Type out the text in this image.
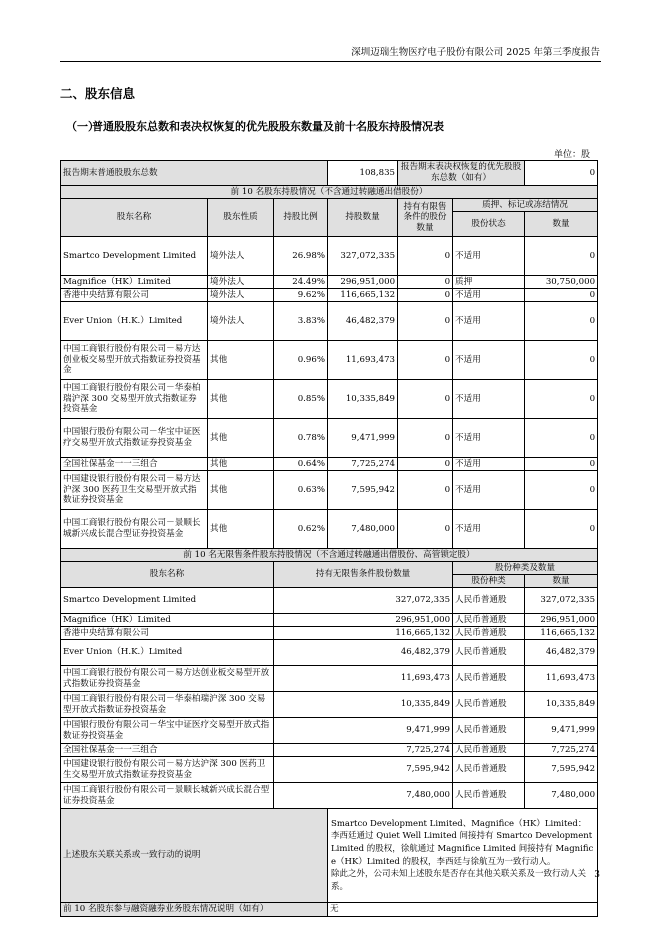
深圳迈瑞生物医疗电子股份有限公司 2025 年第三季度报告
二、股东信息
（一）普通股股东总数和表决权恢复的优先股股东数量及前十名股东持股情况表
单位：股
报告期末普通股股东总数			108,835	报告期末表决权恢复的优先股股东总数（如有）		0
前 10 名股东持股情况（不含通过转融通出借股份）						
股东名称	股东性质	持股比例	持股数量	持有有限售条件的股份数量	质押、标记或冻结情况	
					股份状态	数量
Smartco Development Limited	境外法人	26.98%	327,072,335	0	不适用	0
Magnifice（HK）Limited	境外法人	24.49%	296,951,000	0	质押	30,750,000
香港中央结算有限公司	境外法人	9.62%	116,665,132	0	不适用	0
Ever Union（H.K.）Limited	境外法人	3.83%	46,482,379	0	不适用	0
中国工商银行股份有限公司－易方达创业板交易型开放式指数证券投资基金	其他	0.96%	11,693,473	0	不适用	0
中国工商银行股份有限公司－华泰柏瑞沪深 300 交易型开放式指数证券投资基金	其他	0.85%	10,335,849	0	不适用	0
中国银行股份有限公司－华宝中证医疗交易型开放式指数证券投资基金	其他	0.78%	9,471,999	0	不适用	0
全国社保基金一一三组合	其他	0.64%	7,725,274	0	不适用	0
中国建设银行股份有限公司－易方达沪深 300 医药卫生交易型开放式指数证券投资基金	其他	0.63%	7,595,942	0	不适用	0
中国工商银行股份有限公司－景顺长城新兴成长混合型证券投资基金	其他	0.62%	7,480,000	0	不适用	0
前 10 名无限售条件股东持股情况（不含通过转融通出借股份、高管锁定股）						
股东名称		持有无限售条件股份数量			股份种类及数量	
					股份种类	数量
Smartco Development Limited		327,072,335			人民币普通股	327,072,335
Magnifice（HK）Limited		296,951,000			人民币普通股	296,951,000
香港中央结算有限公司		116,665,132			人民币普通股	116,665,132
Ever Union（H.K.）Limited		46,482,379			人民币普通股	46,482,379
中国工商银行股份有限公司－易方达创业板交易型开放式指数证券投资基金		11,693,473			人民币普通股	11,693,473
中国工商银行股份有限公司－华泰柏瑞沪深 300 交易型开放式指数证券投资基金		10,335,849			人民币普通股	10,335,849
中国银行股份有限公司－华宝中证医疗交易型开放式指数证券投资基金		9,471,999			人民币普通股	9,471,999
全国社保基金一一三组合		7,725,274			人民币普通股	7,725,274
中国建设银行股份有限公司－易方达沪深 300 医药卫生交易型开放式指数证券投资基金		7,595,942			人民币普通股	7,595,942
中国工商银行股份有限公司－景顺长城新兴成长混合型证券投资基金		7,480,000			人民币普通股	7,480,000
上述股东关联关系或一致行动的说明			Smartco Development Limited、Magnifice（HK）Limited：李西廷通过 Quiet Well Limited 间接持有 Smartco Development Limited 的股权，徐航通过 Magnifice Limited 间接持有 Magnifice（HK）Limited 的股权，李西廷与徐航互为一致行动人。
除此之外，公司未知上述股东是否存在其他关联关系及一致行动人关系。			

前 10 名股东参与融资融券业务股东情况说明（如有）			无			
3
